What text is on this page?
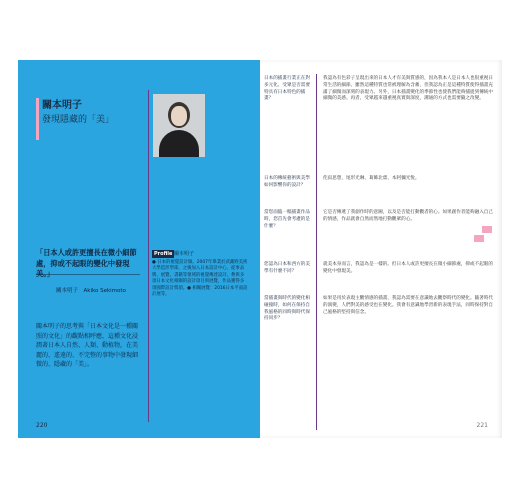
關本明子
發現隱藏的「美」
「日本人或許更擅長在微小細節處，抑或不起眼的變化中發現
關本明子　Akiko Sekimoto
Profile 關本明子
● 日本的視覺設計師。2007年畢業於武藏野美術大學造形學部，之後加入日本設計中心，從事品牌、展覽、書籍等領域的視覺傳達設計。參與多項日本文化相關的設計項目與展覽，作品獲得多項國際設計獎項。● 相關展覽：2016日本平面設計展等。
關本明子的思考與「日本文化是一種關照的文化」的觀點相呼應，這種文化浸潤著日本人自然、人類、動植物，在美麗的、遙遠的、不完整的事物中發現細微的、隱藏的「美」。
220
日本的插畫行業正在對多元化、受眾是否需要特具有日本特色的插畫？
我認為有色彩子呈現出來的日本人才有美與質感的，因為我本人是日本人也很重視日常生活的細節。雖然這種特質也常被理解為含蓄，但我認為正是這種特質使得插畫充滿了細微而深刻的表現力。另外，日本插畫變化的季節性也使我們能夠捕捉到傳統中細微的美感。再者，受眾越來越重視真實與深度，溝通的方式也需要隨之改變。
日本的傳統藝術與美學如何影響你的設計？
侘寂思想，尾形光琳、葛飾北齋、本阿彌光悅。
當您面臨一幅插畫作品時，您首先會考慮的是什麼？
它是否傳遞了我創作時的意圖，以及是否能打動觀者的心。如果創作者能夠融入自己的情感，作品就會自然而然地打動觀眾的心。
您認為日本和西方的美學有什麼不同？
就美本身而言，我認為是一樣的。但日本人或許更擅長在微小細節處，抑或不起眼的變化中發現美。
當插畫與時代的變化相碰撞時，如何在保持自我風格的同時與時代保持同步？
如果是用於表現主觀情感的插畫，我認為需要在意識地去觀察時代的變化。隨著時代的演變，人們對美的感受也在變化。我會有意識地學習新的表現手法，同時保持對自己風格的堅持與信念。
221
